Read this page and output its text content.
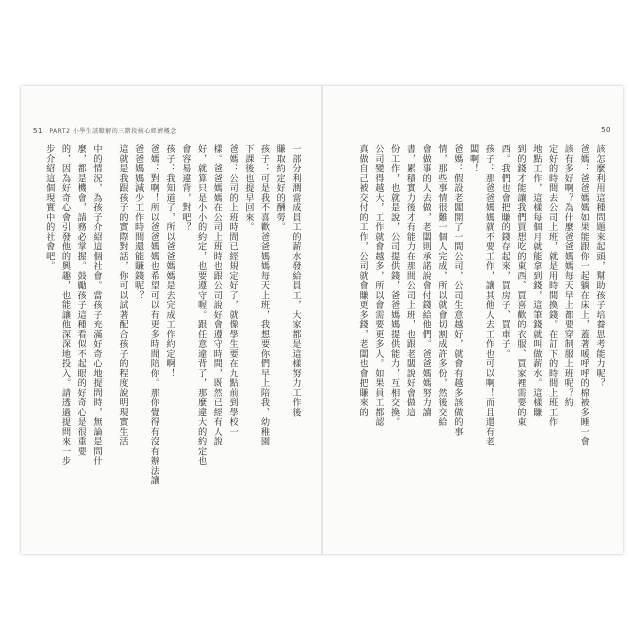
51 PART2 小學生該瞭解的三階段核心經濟概念	50
一部分利潤當成員工的薪水發給員工，大家都是這樣努力工作後
賺取約定好的酬勞。
孩子：可是我不喜歡爸爸媽媽每天上班，我想要你們早上陪我、幼稚園
下課後也提早回來。
爸媽：公司的上班時間已經規定好了，就像學生要在九點前到學校一
樣。爸爸媽媽在公司上班時也跟公司說好會遵守時間，既然已經有人說
好，就算只是小小的約定，也要遵守喔。跟任意違背了，那麼違大的約定也
會容易違背，對吧？
孩子：我知道了，所以爸爸媽媽是去完成工作約定啊！
爸媽：對啊！所以爸爸媽媽也希望可以有更多時間陪你。那你覺得有沒有辦法讓
爸爸媽媽減少工作時間還能賺錢呢？
這就是我跟孩子的實際對話，你可以試著配合孩子的程度說明現實生活
中的情況，為孩子介紹這個社會。當孩子充滿好奇心地提問時，無論是問什
麼，都是機會，請務必掌握。鼓勵孩子這種看似不起眼的好奇心是很重要
的，因為好奇心會引發他的興趣，也能讓他深深地投入。請透過提問來一步
步介紹這個現實中的社會吧。	該怎麼利用這種問題來起頭，幫助孩子培養思考能力呢？
爸媽：爸爸媽媽如果能跟你一起躺在床上，蓋著暖呼呼的棉被多睡一會
該有多好啊？為什麼爸爸媽媽每天早上都要穿制服上班呢？約
定好的時間去公司上班，就是用時間換錢。在訂下的時間上班工作
地點工作，這樣每個月就能拿到錢，這筆錢就叫做薪水。這樣賺
到的錢才能讓我們買想吃的東西、買喜歡的衣服、買家裡需要的東
西。我們也會把賺的錢存起來，買房子、買車子。
孩子：那爸爸媽媽就不要工作，讓其他人去工作也可以啊！而且還有老
闆啊！
爸媽：假設老闆開了一間公司，公司生意越好，就會有越多該做的事
情，那些事情很難一個人完成，所以就會切割成許多份，然後交給
會做事的人去做，老闆則承諾說會付錢給他們。爸爸媽媽努力讀
書，累積實力後才有能力在那間公司上班，也跟老闆說好會做這
份工作，也就是說，公司提供錢，爸爸媽媽提供能力，互相交換。
公司變得越大，工作就會越多，所以會需要更多人。如果員工都認
真做自己被交付的工作，公司就會賺更多錢，老闆也會把賺來的
